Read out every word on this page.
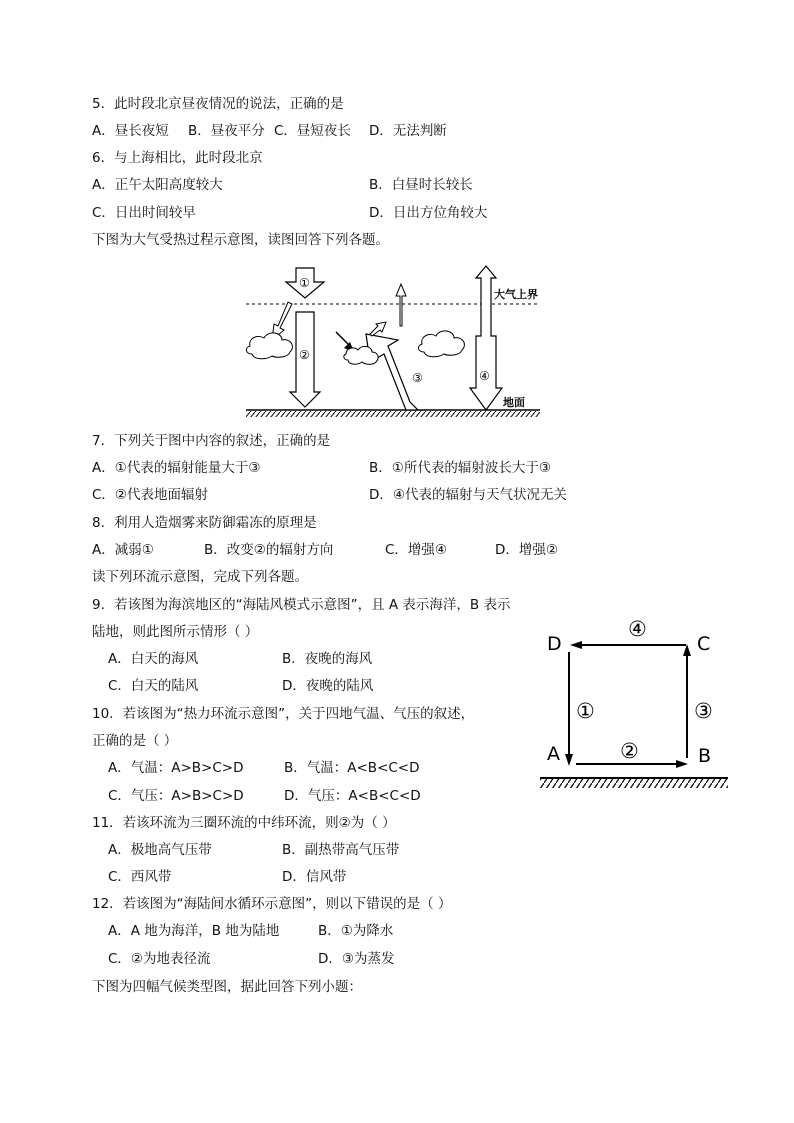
5．此时段北京昼夜情况的说法，正确的是
A．昼长夜短 B．昼夜平分 C．昼短夜长 D．无法判断
6．与上海相比，此时段北京
A．正午太阳高度较大	B．白昼时长较长
C．日出时间较早	D．日出方位角较大
下图为大气受热过程示意图，读图回答下列各题。
①
②
③	④
大气上界
地面
7．下列关于图中内容的叙述，正确的是
A．①代表的辐射能量大于③	B．①所代表的辐射波长大于③
C．②代表地面辐射	D．④代表的辐射与天气状况无关
8．利用人造烟雾来防御霜冻的原理是
A．减弱①	B．改变②的辐射方向	C．增强④	D．增强②
读下列环流示意图，完成下列各题。
9．若该图为海滨地区的“海陆风模式示意图”，且 A 表示海洋，B 表示
陆地，则此图所示情形（ ）
A．白天的海风	B．夜晚的海风
C．白天的陆风	D．夜晚的陆风
10．若该图为“热力环流示意图”，关于四地气温、气压的叙述，
正确的是（ ）
A．气温：A>B>C>D	B．气温：A<B<C<D
C．气压：A>B>C>D	D．气压：A<B<C<D
D	C
A	B
④
①
②
③
11．若该环流为三圈环流的中纬环流，则②为（ ）
A．极地高气压带	B．副热带高气压带
C．西风带	D．信风带
12．若该图为“海陆间水循环示意图”，则以下错误的是（ ）
A．A 地为海洋，B 地为陆地	B．①为降水
C．②为地表径流	D．③为蒸发
下图为四幅气候类型图，据此回答下列小题：
